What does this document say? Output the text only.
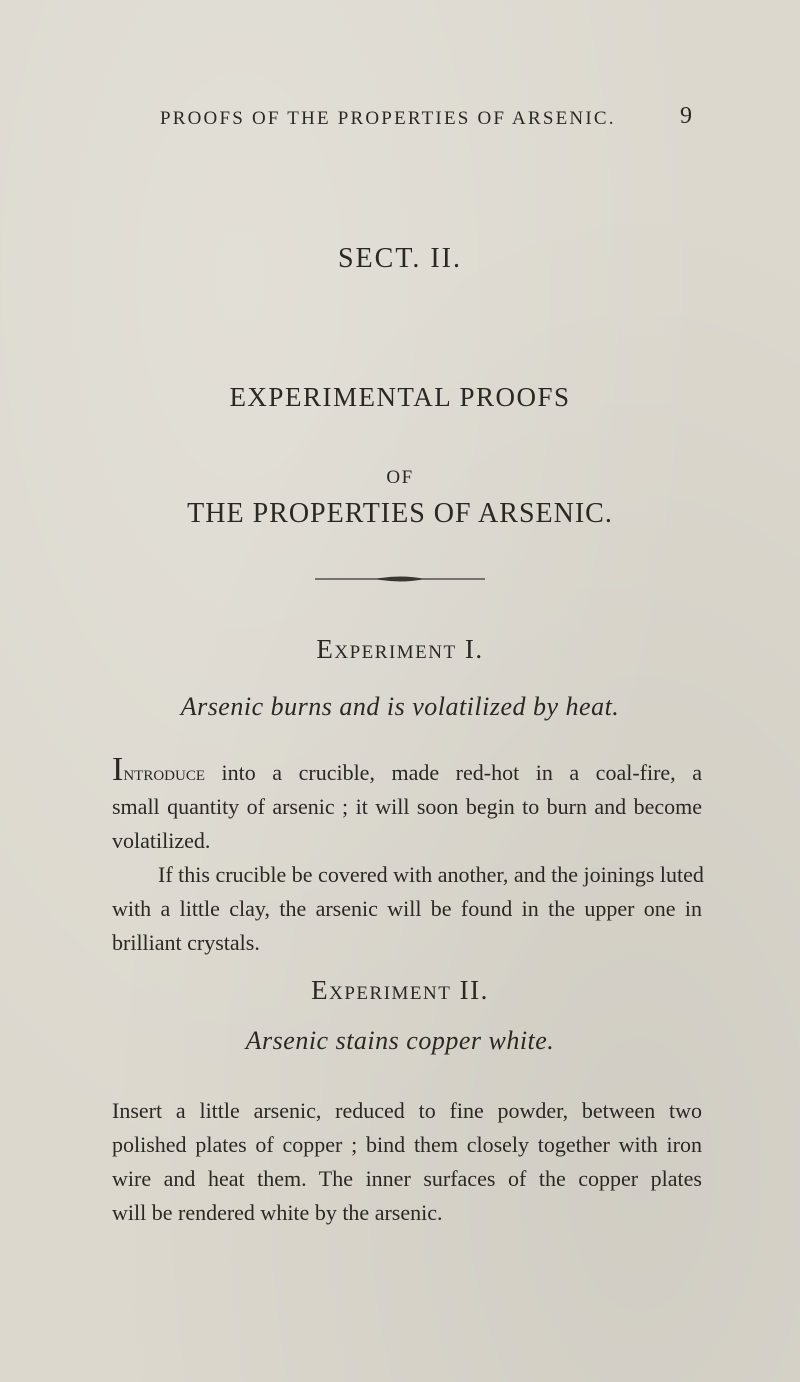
PROOFS OF THE PROPERTIES OF ARSENIC.	9
SECT. II.
EXPERIMENTAL PROOFS
OF
THE PROPERTIES OF ARSENIC.
Experiment I.
Arsenic burns and is volatilized by heat.
Introduce into a crucible, made red-hot in a coal-fire, a
small quantity of arsenic ; it will soon begin to burn and become
volatilized.
If this crucible be covered with another, and the joinings luted
with a little clay, the arsenic will be found in the upper one in
brilliant crystals.
Experiment II.
Arsenic stains copper white.
Insert a little arsenic, reduced to fine powder, between two
polished plates of copper ; bind them closely together with iron
wire and heat them. The inner surfaces of the copper plates
will be rendered white by the arsenic.
